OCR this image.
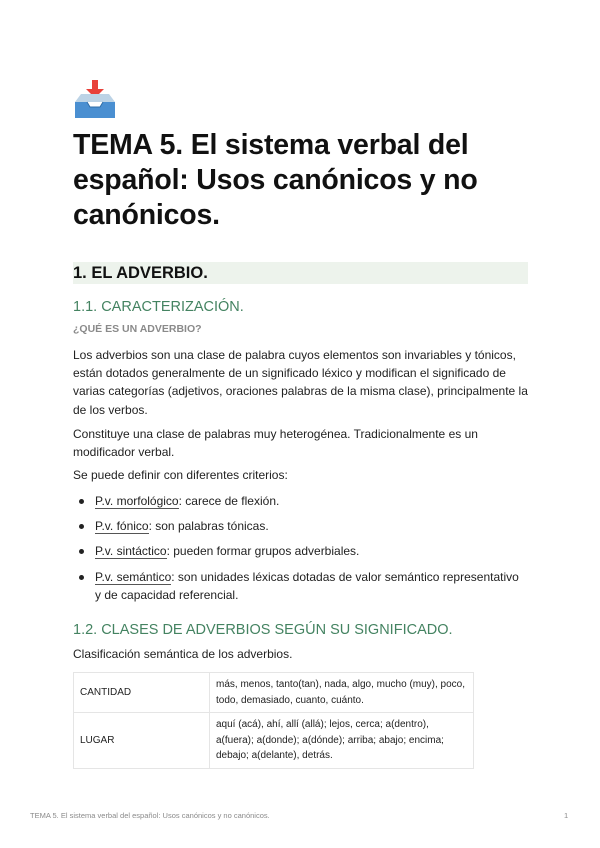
TEMA 5. El sistema verbal del español: Usos canónicos y no canónicos.
1. EL ADVERBIO.
1.1. CARACTERIZACIÓN.
¿QUÉ ES UN ADVERBIO?

Los adverbios son una clase de palabra cuyos elementos son invariables y tónicos, están dotados generalmente de un significado léxico y modifican el significado de varias categorías (adjetivos, oraciones palabras de la misma clase), principalmente la de los verbos.

Constituye una clase de palabras muy heterogénea. Tradicionalmente es un modificador verbal.

Se puede definir con diferentes criterios:

P.v. morfológico: carece de flexión.
P.v. fónico: son palabras tónicas.
P.v. sintáctico: pueden formar grupos adverbiales.
P.v. semántico: son unidades léxicas dotadas de valor semántico representativo y de capacidad referencial.
1.2. CLASES DE ADVERBIOS SEGÚN SU SIGNIFICADO.

Clasificación semántica de los adverbios.

CANTIDAD	más, menos, tanto(tan), nada, algo, mucho (muy), poco, todo, demasiado, cuanto, cuánto.
LUGAR	aquí (acá), ahí, allí (allá); lejos, cerca; a(dentro), a(fuera); a(donde); a(dónde); arriba; abajo; encima; debajo; a(delante), detrás.
TEMA 5. El sistema verbal del español: Usos canónicos y no canónicos.	1
